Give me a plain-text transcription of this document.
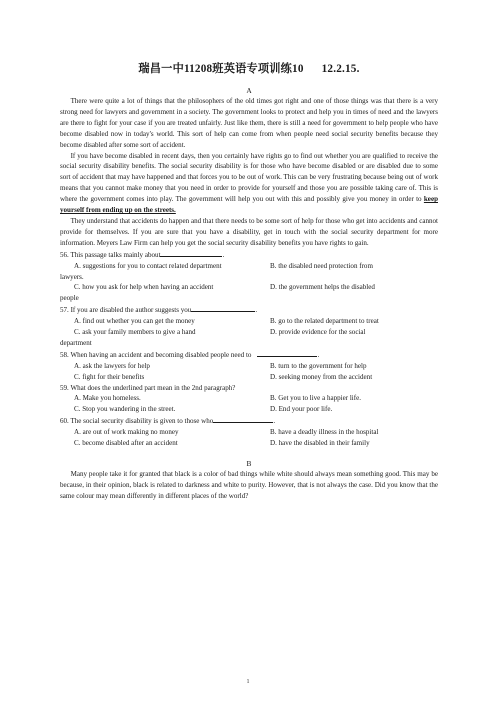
瑞昌一中11208班英语专项训练10 12.2.15.
A

There were quite a lot of things that the philosophers of the old times got right and one of those things was that there is a very strong need for lawyers and government in a society. The government looks to protect and help you in times of need and the lawyers are there to fight for your case if you are treated unfairly. Just like them, there is still a need for government to help people who have become disabled now in today's world. This sort of help can come from when people need social security benefits because they become disabled after some sort of accident.

If you have become disabled in recent days, then you certainly have rights go to find out whether you are qualified to receive the social security disability benefits. The social security disability is for those who have become disabled or are disabled due to some sort of accident that may have happened and that forces you to be out of work. This can be very frustrating because being out of work means that you cannot make money that you need in order to provide for yourself and those you are possible taking care of. This is where the government comes into play. The government will help you out with this and possibly give you money in order to keep yourself from ending up on the streets.

They understand that accidents do happen and that there needs to be some sort of help for those who get into accidents and cannot provide for themselves. If you are sure that you have a disability, get in touch with the social security department for more information. Meyers Law Firm can help you get the social security disability benefits you have rights to gain.

56. This passage talks mainly about	.

A. suggestions for you to contact related department	B. the disabled need protection from

lawyers.

C. how you ask for help when having an accident	D. the government helps the disabled

people

57. If you are disabled the author suggests you	.

A. find out whether you can get the money	B. go to the related department to treat
C. ask your family members to give a hand	D. provide evidence for the social

department

58. When having an accident and becoming disabled people need to	.

A. ask the lawyers for help	B. turn to the government for help
C. fight for their benefits	D. seeking money from the accident

59. What does the underlined part mean in the 2nd paragraph?

A. Make you homeless.	B. Get you to live a happier life.
C. Stop you wandering in the street.	D. End your poor life.

60. The social security disability is given to those who	.

A. are out of work making no money	B. have a deadly illness in the hospital
C. become disabled after an accident	D. have the disabled in their family
B

Many people take it for granted that black is a color of bad things while white should always mean something good. This may be because, in their opinion, black is related to darkness and white to purity. However, that is not always the case. Did you know that the same colour may mean differently in different places of the world?

1
